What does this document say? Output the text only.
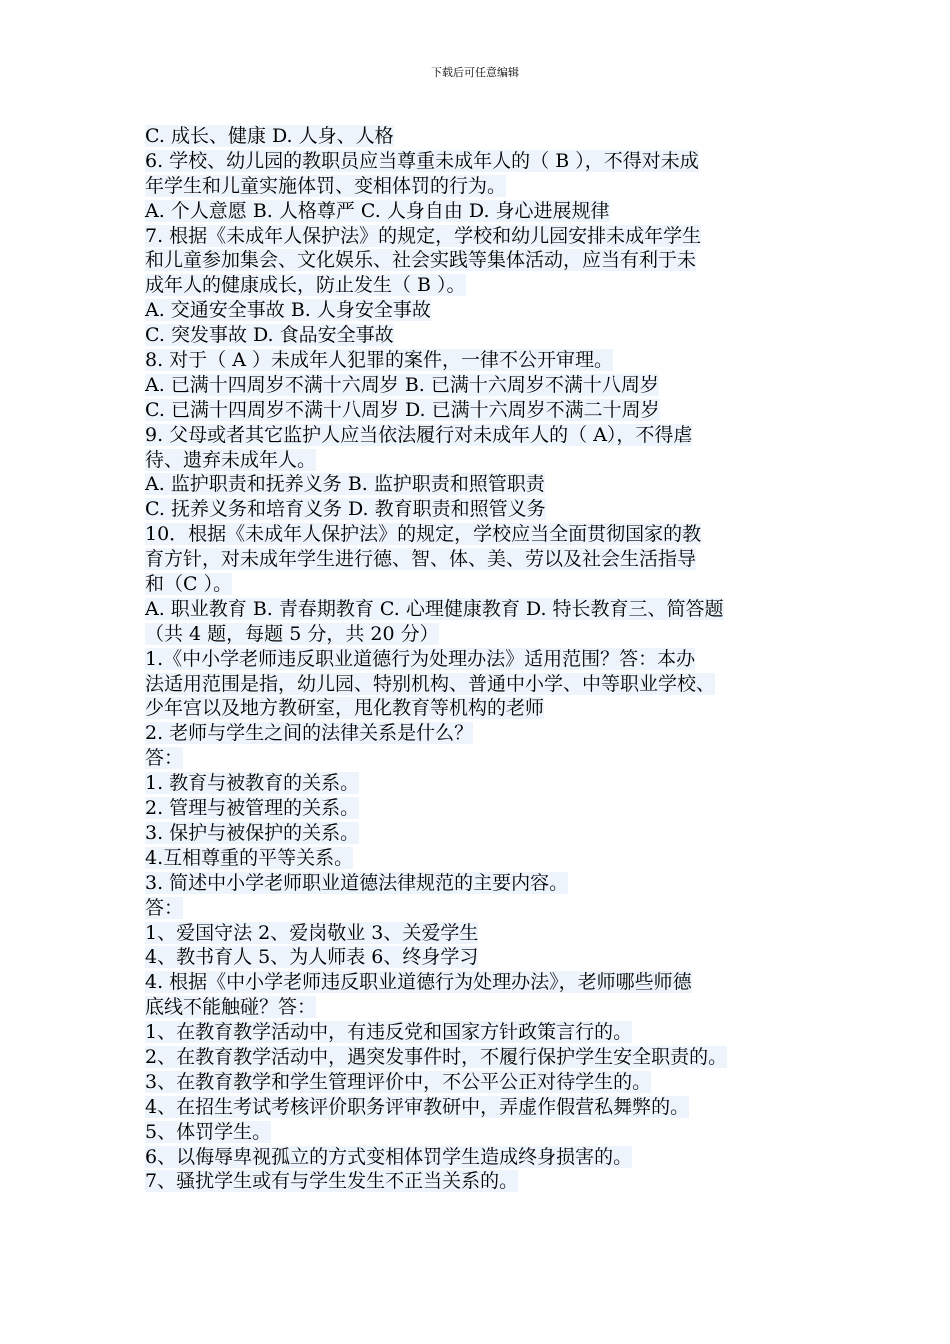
下载后可任意编辑
C. 成长、健康 D. 人身、人格
6. 学校、幼儿园的教职员应当尊重未成年人的（ B ），不得对未成
年学生和儿童实施体罚、变相体罚的行为。
A. 个人意愿 B. 人格尊严 C. 人身自由 D. 身心进展规律
7. 根据《未成年人保护法》的规定，学校和幼儿园安排未成年学生
和儿童参加集会、文化娱乐、社会实践等集体活动，应当有利于未
成年人的健康成长，防止发生（ B ）。
A. 交通安全事故 B. 人身安全事故
C. 突发事故 D. 食品安全事故
8. 对于（ A ）未成年人犯罪的案件，一律不公开审理。
A. 已满十四周岁不满十六周岁 B. 已满十六周岁不满十八周岁
C. 已满十四周岁不满十八周岁 D. 已满十六周岁不满二十周岁
9. 父母或者其它监护人应当依法履行对未成年人的（ A），不得虐
待、遗弃未成年人。
A. 监护职责和抚养义务 B. 监护职责和照管职责
C. 抚养义务和培育义务 D. 教育职责和照管义务
10．根据《未成年人保护法》的规定，学校应当全面贯彻国家的教
育方针，对未成年学生进行德、智、体、美、劳以及社会生活指导
和（C ）。
A. 职业教育 B. 青春期教育 C. 心理健康教育 D. 特长教育三、简答题
（共 4 题，每题 5 分，共 20 分）
1.《中小学老师违反职业道德行为处理办法》适用范围？答：本办
法适用范围是指，幼儿园、特别机构、普通中小学、中等职业学校、
少年宫以及地方教研室，甩化教育等机构的老师
2. 老师与学生之间的法律关系是什么？
答：
1. 教育与被教育的关系。
2. 管理与被管理的关系。
3. 保护与被保护的关系。
4.互相尊重的平等关系。
3. 简述中小学老师职业道德法律规范的主要内容。
答：
1、爱国守法 2、爱岗敬业 3、关爱学生
4、教书育人 5、为人师表 6、终身学习
4. 根据《中小学老师违反职业道德行为处理办法》，老师哪些师德
底线不能触碰？答：
1、在教育教学活动中，有违反党和国家方针政策言行的。
2、在教育教学活动中，遇突发事件时，不履行保护学生安全职责的。
3、在教育教学和学生管理评价中，不公平公正对待学生的。
4、在招生考试考核评价职务评审教研中，弄虚作假营私舞弊的。
5、体罚学生。
6、以侮辱卑视孤立的方式变相体罚学生造成终身损害的。
7、骚扰学生或有与学生发生不正当关系的。
